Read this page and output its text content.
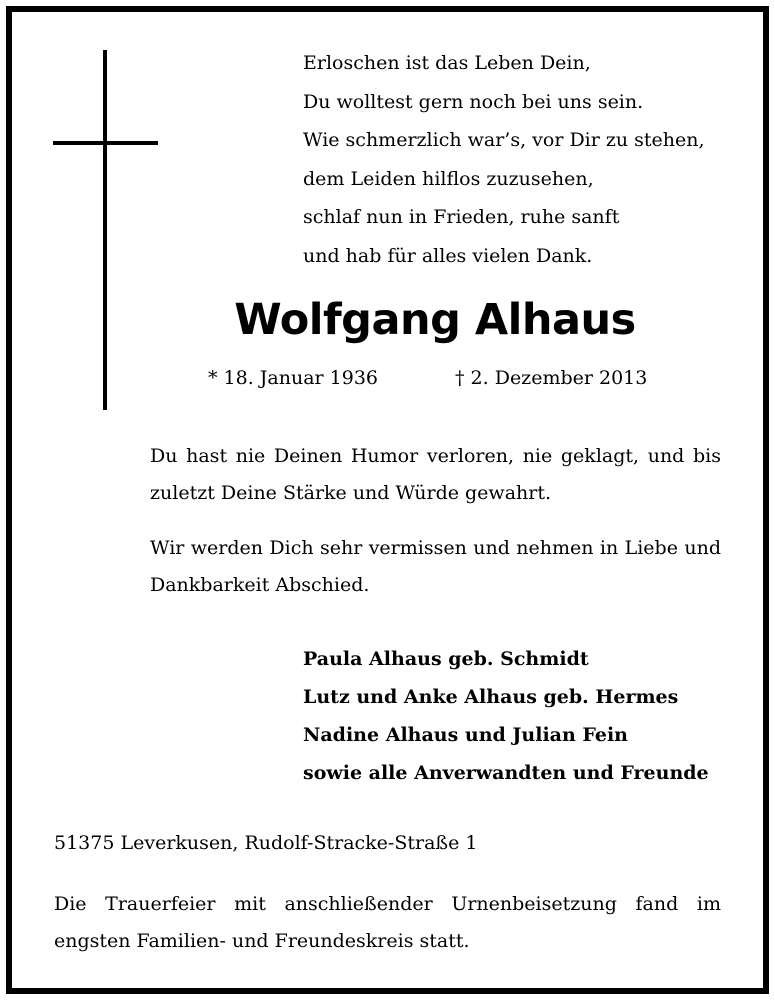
Erloschen ist das Leben Dein,
Du wolltest gern noch bei uns sein.
Wie schmerzlich war’s, vor Dir zu stehen,
dem Leiden hilflos zuzusehen,
schlaf nun in Frieden, ruhe sanft
und hab für alles vielen Dank.
Wolfgang Alhaus
* 18. Januar 1936	† 2. Dezember 2013
Du hast nie Deinen Humor verloren, nie geklagt, und bis zuletzt Deine Stärke und Würde gewahrt.
Wir werden Dich sehr vermissen und nehmen in Liebe und Dankbarkeit Abschied.
Paula Alhaus geb. Schmidt
Lutz und Anke Alhaus geb. Hermes
Nadine Alhaus und Julian Fein
sowie alle Anverwandten und Freunde
51375 Leverkusen, Rudolf-Stracke-Straße 1
Die Trauerfeier mit anschließender Urnenbeisetzung fand im engsten Familien- und Freundeskreis statt.
